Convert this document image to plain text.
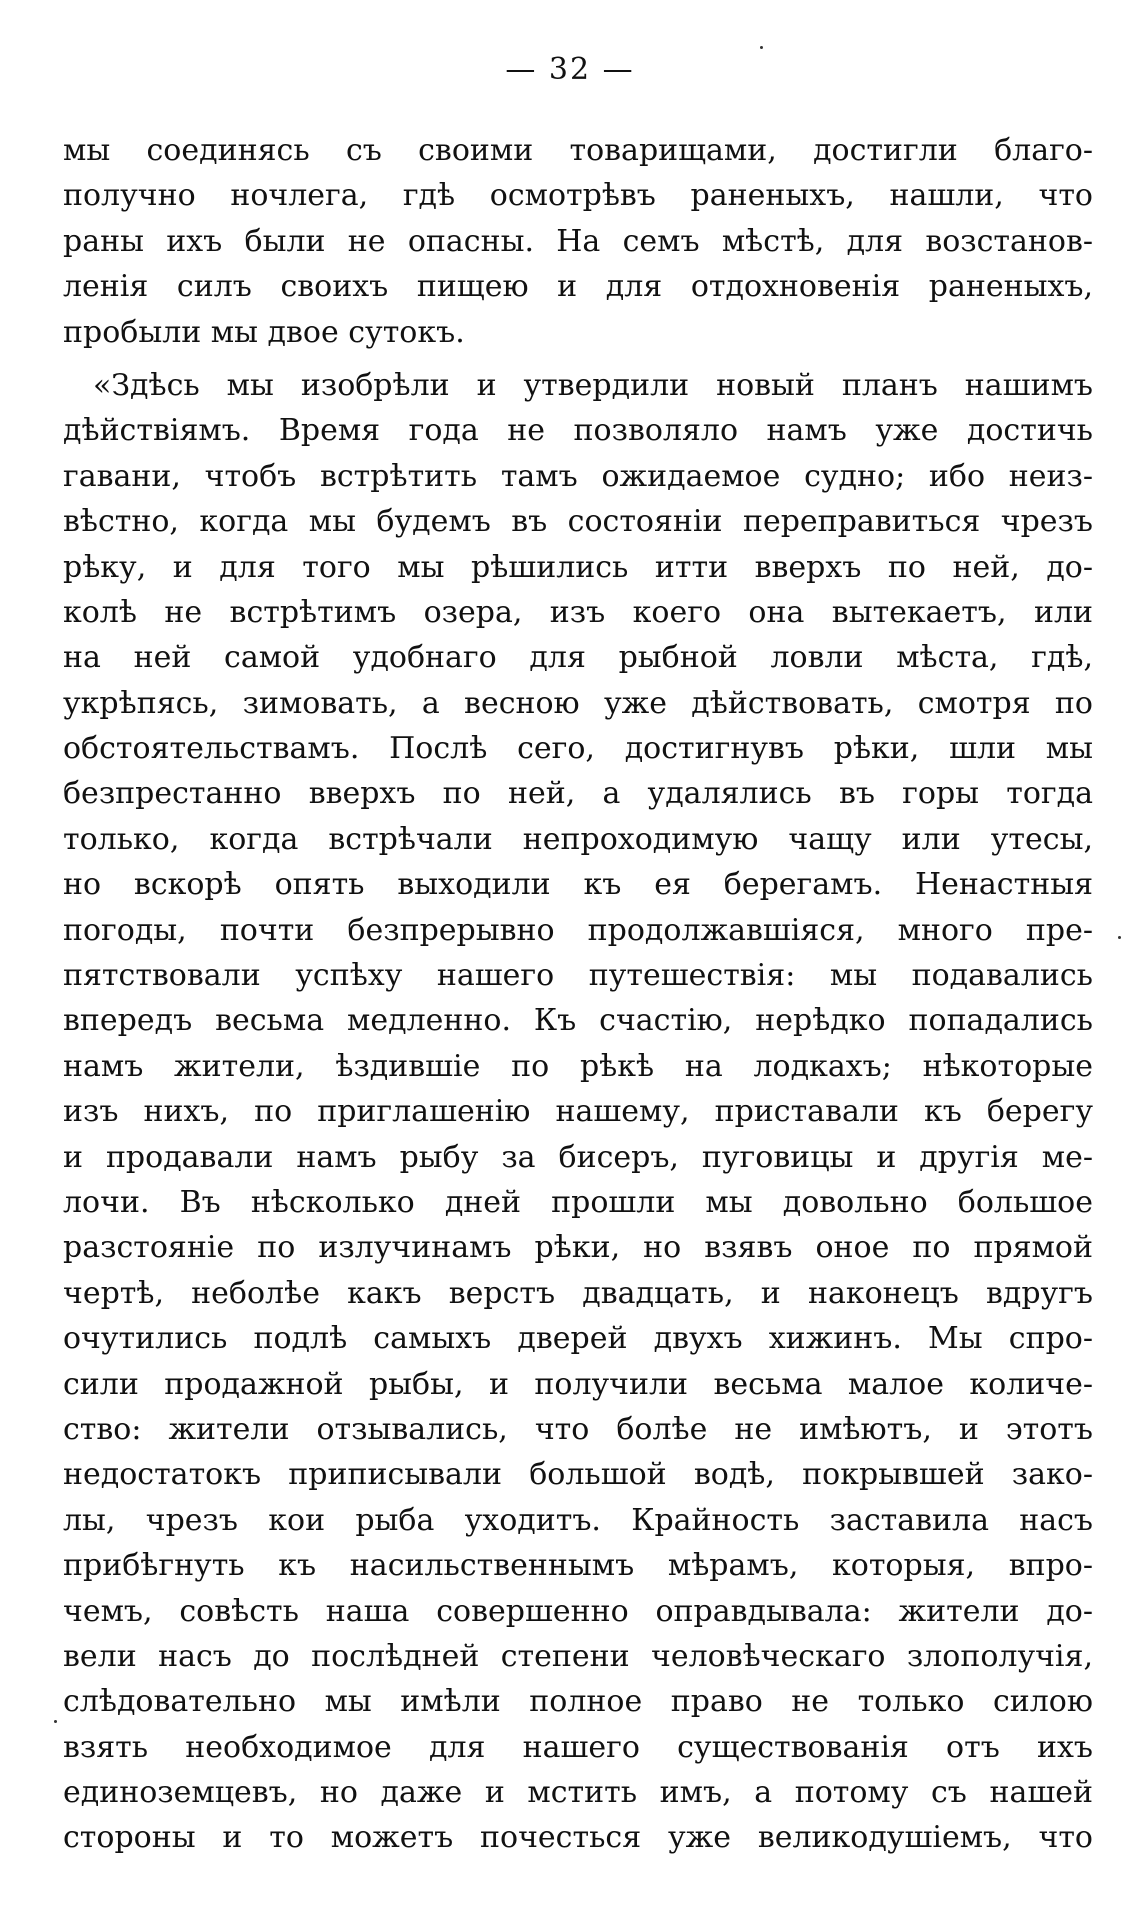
— 32 —
мы соединясь съ своими товарищами, достигли благо-
получно ночлега, гдѣ осмотрѣвъ раненыхъ, нашли, что
раны ихъ были не опасны. На семъ мѣстѣ, для возстанов-
ленія силъ своихъ пищею и для отдохновенія раненыхъ,
пробыли мы двое сутокъ.
«Здѣсь мы изобрѣли и утвердили новый планъ нашимъ
дѣйствіямъ. Время года не позволяло намъ уже достичь
гавани, чтобъ встрѣтить тамъ ожидаемое судно; ибо неиз-
вѣстно, когда мы будемъ въ состояніи переправиться чрезъ
рѣку, и для того мы рѣшились итти вверхъ по ней, до-
колѣ не встрѣтимъ озера, изъ коего она вытекаетъ, или
на ней самой удобнаго для рыбной ловли мѣста, гдѣ,
укрѣпясь, зимовать, а весною уже дѣйствовать, смотря по
обстоятельствамъ. Послѣ сего, достигнувъ рѣки, шли мы
безпрестанно вверхъ по ней, а удалялись въ горы тогда
только, когда встрѣчали непроходимую чащу или утесы,
но вскорѣ опять выходили къ ея берегамъ. Ненастныя
погоды, почти безпрерывно продолжавшіяся, много пре-
пятствовали успѣху нашего путешествія: мы подавались
впередъ весьма медленно. Къ счастію, нерѣдко попадались
намъ жители, ѣздившіе по рѣкѣ на лодкахъ; нѣкоторые
изъ нихъ, по приглашенію нашему, приставали къ берегу
и продавали намъ рыбу за бисеръ, пуговицы и другія ме-
лочи. Въ нѣсколько дней прошли мы довольно большое
разстояніе по излучинамъ рѣки, но взявъ оное по прямой
чертѣ, неболѣе какъ верстъ двадцать, и наконецъ вдругъ
очутились подлѣ самыхъ дверей двухъ хижинъ. Мы спро-
сили продажной рыбы, и получили весьма малое количе-
ство: жители отзывались, что болѣе не имѣютъ, и этотъ
недостатокъ приписывали большой водѣ, покрывшей зако-
лы, чрезъ кои рыба уходитъ. Крайность заставила насъ
прибѣгнуть къ насильственнымъ мѣрамъ, которыя, впро-
чемъ, совѣсть наша совершенно оправдывала: жители до-
вели насъ до послѣдней степени человѣческаго злополучія,
слѣдовательно мы имѣли полное право не только силою
взять необходимое для нашего существованія отъ ихъ
единоземцевъ, но даже и мстить имъ, а потому съ нашей
стороны и то можетъ почесться уже великодушіемъ, что
